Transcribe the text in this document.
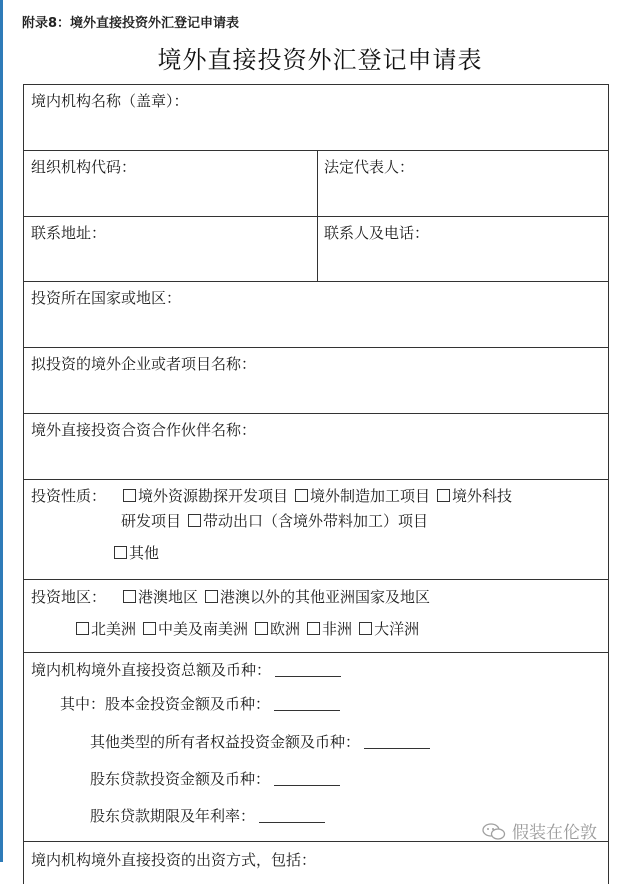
附录8：境外直接投资外汇登记申请表
境外直接投资外汇登记申请表
境内机构名称（盖章）：
组织机构代码：	法定代表人：
联系地址：	联系人及电话：
投资所在国家或地区：
拟投资的境外企业或者项目名称：
境外直接投资合资合作伙伴名称：
投资性质：	境外资源勘探开发项目 境外制造加工项目 境外科技
研发项目 带动出口（含境外带料加工）项目
其他
投资地区：	港澳地区 港澳以外的其他亚洲国家及地区
北美洲 中美及南美洲 欧洲 非洲 大洋洲
境内机构境外直接投资总额及币种：
其中：股本金投资金额及币种：
其他类型的所有者权益投资金额及币种：
股东贷款投资金额及币种：
股东贷款期限及年利率：
境内机构境外直接投资的出资方式，包括：
假装在伦敦
